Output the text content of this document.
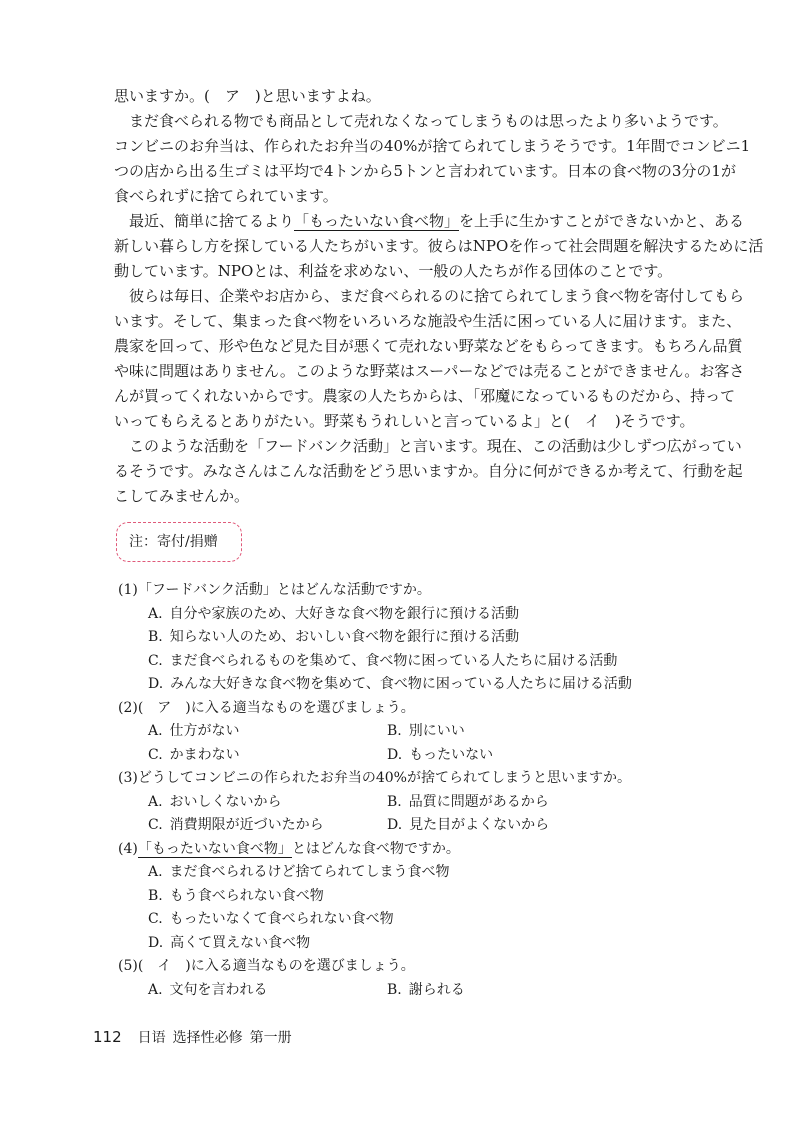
思いますか。(　ア　)と思いますよね。
まだ食べられる物でも商品として売れなくなってしまうものは思ったより多いようです。
コンビニのお弁当は、作られたお弁当の40%が捨てられてしまうそうです。1年間でコンビニ1
つの店から出る生ゴミは平均で4トンから5トンと言われています。日本の食べ物の3分の1が
食べられずに捨てられています。
最近、簡単に捨てるより「もったいない食べ物」を上手に生かすことができないかと、ある
新しい暮らし方を探している人たちがいます。彼らはNPOを作って社会問題を解決するために活
動しています。NPOとは、利益を求めない、一般の人たちが作る団体のことです。
彼らは毎日、企業やお店から、まだ食べられるのに捨てられてしまう食べ物を寄付してもら
います。そして、集まった食べ物をいろいろな施設や生活に困っている人に届けます。また、
農家を回って、形や色など見た目が悪くて売れない野菜などをもらってきます。もちろん品質
や味に問題はありません。このような野菜はスーパーなどでは売ることができません。お客さ
んが買ってくれないからです。農家の人たちからは、「邪魔になっているものだから、持って
いってもらえるとありがたい。野菜もうれしいと言っているよ」と(　イ　)そうです。
このような活動を「フードバンク活動」と言います。現在、この活動は少しずつ広がってい
るそうです。みなさんはこんな活動をどう思いますか。自分に何ができるか考えて、行動を起
こしてみませんか。
注：寄付/捐赠
(1)「フードバンク活動」とはどんな活動ですか。
A. 自分や家族のため、大好きな食べ物を銀行に預ける活動
B. 知らない人のため、おいしい食べ物を銀行に預ける活動
C. まだ食べられるものを集めて、食べ物に困っている人たちに届ける活動
D. みんな大好きな食べ物を集めて、食べ物に困っている人たちに届ける活動
(2)(　ア　)に入る適当なものを選びましょう。
A. 仕方がない	B. 別にいい
C. かまわない	D. もったいない
(3)どうしてコンビニの作られたお弁当の40%が捨てられてしまうと思いますか。
A. おいしくないから	B. 品質に問題があるから
C. 消費期限が近づいたから	D. 見た目がよくないから
(4)「もったいない食べ物」とはどんな食べ物ですか。
A. まだ食べられるけど捨てられてしまう食べ物
B. もう食べられない食べ物
C. もったいなくて食べられない食べ物
D. 高くて買えない食べ物
(5)(　イ　)に入る適当なものを選びましょう。
A. 文句を言われる	B. 謝られる
112 日语 选择性必修 第一册
